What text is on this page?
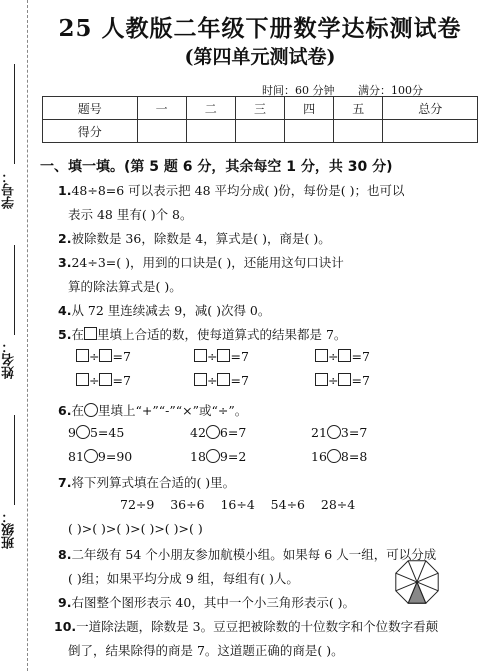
学号：
姓名：
班级：
25 人教版二年级下册数学达标测试卷
(第四单元测试卷)
时间：60 分钟 满分：100分
题号	一	二	三	四	五	总分
得分						
一、填一填。(第 5 题 6 分，其余每空 1 分，共 30 分)
1.48÷8=6 可以表示把 48 平均分成( )份，每份是( )；也可以
表示 48 里有( )个 8。
2.被除数是 36，除数是 4，算式是( )，商是( )。
3.24÷3=( )，用到的口诀是( )，还能用这句口诀计
算的除法算式是( )。
4.从 72 里连续减去 9，减( )次得 0。
5.在 里填上合适的数，使每道算式的结果都是 7。
÷ =7	÷ =7	÷ =7
÷ =7	÷ =7	÷ =7
6.在 里填上“+”“-”“×”或“÷”。
9 5=45	42 6=7	21 3=7
81 9=90	18 9=2	16 8=8
7.将下列算式填在合适的( )里。
72÷9    36÷6    16÷4    54÷6    28÷4
( )>( )>( )>( )>( )>( )
8.二年级有 54 个小朋友参加航模小组。如果每 6 人一组，可以分成
( )组；如果平均分成 9 组，每组有( )人。
9.右图整个图形表示 40，其中一个小三角形表示( )。
10.一道除法题，除数是 3。豆豆把被除数的十位数字和个位数字看颠
倒了，结果除得的商是 7。这道题正确的商是( )。
